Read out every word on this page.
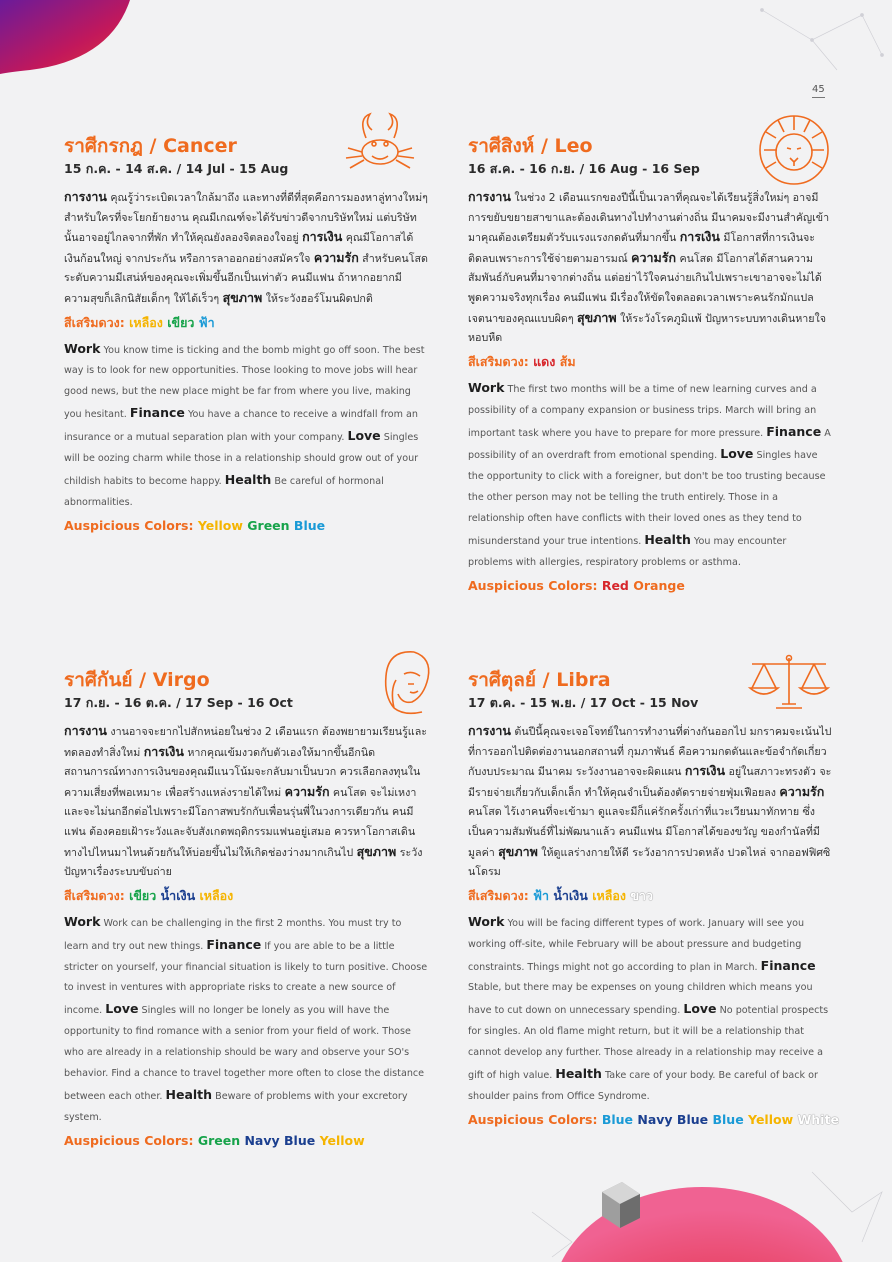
45
ราศีกรกฎ / Cancer
15 ก.ค. - 14 ส.ค. / 14 Jul - 15 Aug

การงาน คุณรู้ว่าระเบิดเวลาใกล้มาถึง และทางที่ดีที่สุดคือการมองหาลู่ทางใหม่ๆ สำหรับใครที่จะโยกย้ายงาน คุณมีเกณฑ์จะได้รับข่าวดีจากบริษัทใหม่ แต่บริษัทนั้นอาจอยู่ไกลจากที่พัก ทำให้คุณยังลองจิตลองใจอยู่ การเงิน คุณมีโอกาสได้เงินก้อนใหญ่ จากประกัน หรือการลาออกอย่างสมัครใจ ความรัก สำหรับคนโสดระดับความมีเสน่ห์ของคุณจะเพิ่มขึ้นอีกเป็นเท่าตัว คนมีแฟน ถ้าหากอยากมีความสุขก็เลิกนิสัยเด็กๆ ให้ได้เร็วๆ สุขภาพ ให้ระวังฮอร์โมนผิดปกติ

สีเสริมดวง: เหลือง เขียว ฟ้า

Work You know time is ticking and the bomb might go off soon. The best way is to look for new opportunities. Those looking to move jobs will hear good news, but the new place might be far from where you live, making you hesitant. Finance You have a chance to receive a windfall from an insurance or a mutual separation plan with your company. Love Singles will be oozing charm while those in a relationship should grow out of your childish habits to become happy. Health Be careful of hormonal abnormalities.

Auspicious Colors: Yellow Green Blue
ราศีสิงห์ / Leo
16 ส.ค. - 16 ก.ย. / 16 Aug - 16 Sep

การงาน ในช่วง 2 เดือนแรกของปีนี้เป็นเวลาที่คุณจะได้เรียนรู้สิ่งใหม่ๆ อาจมีการขยับขยายสาขาและต้องเดินทางไปทำงานต่างถิ่น มีนาคมจะมีงานสำคัญเข้ามาคุณต้องเตรียมตัวรับแรงแรงกดดันที่มากขึ้น การเงิน มีโอกาสที่การเงินจะติดลบเพราะการใช้จ่ายตามอารมณ์ ความรัก คนโสด มีโอกาสได้สานความสัมพันธ์กับคนที่มาจากต่างถิ่น แต่อย่าไว้ใจคนง่ายเกินไปเพราะเขาอาจจะไม่ได้พูดความจริงทุกเรื่อง คนมีแฟน มีเรื่องให้ขัดใจตลอดเวลาเพราะคนรักมักแปลเจตนาของคุณแบบผิดๆ สุขภาพ ให้ระวังโรคภูมิแพ้ ปัญหาระบบทางเดินหายใจ หอบหืด

สีเสริมดวง: แดง ส้ม

Work The first two months will be a time of new learning curves and a possibility of a company expansion or business trips. March will bring an important task where you have to prepare for more pressure. Finance A possibility of an overdraft from emotional spending. Love Singles have the opportunity to click with a foreigner, but don't be too trusting because the other person may not be telling the truth entirely. Those in a relationship often have conflicts with their loved ones as they tend to misunderstand your true intentions. Health You may encounter problems with allergies, respiratory problems or asthma.

Auspicious Colors: Red Orange
ราศีกันย์ / Virgo
17 ก.ย. - 16 ต.ค. / 17 Sep - 16 Oct

การงาน งานอาจจะยากไปสักหน่อยในช่วง 2 เดือนแรก ต้องพยายามเรียนรู้และทดลองทำสิ่งใหม่ การเงิน หากคุณเข้มงวดกับตัวเองให้มากขึ้นอีกนิด สถานการณ์ทางการเงินของคุณมีแนวโน้มจะกลับมาเป็นบวก ควรเลือกลงทุนในความเสี่ยงที่พอเหมาะ เพื่อสร้างแหล่งรายได้ใหม่ ความรัก คนโสด จะไม่เหงาและจะไม่นกอีกต่อไปเพราะมีโอกาสพบรักกับเพื่อนรุ่นพี่ในวงการเดียวกัน คนมีแฟน ต้องคอยเฝ้าระวังและจับสังเกตพฤติกรรมแฟนอยู่เสมอ ควรหาโอกาสเดินทางไปไหนมาไหนด้วยกันให้บ่อยขึ้นไม่ให้เกิดช่องว่างมากเกินไป สุขภาพ ระวังปัญหาเรื่องระบบขับถ่าย

สีเสริมดวง: เขียว น้ำเงิน เหลือง

Work Work can be challenging in the first 2 months. You must try to learn and try out new things. Finance If you are able to be a little stricter on yourself, your financial situation is likely to turn positive. Choose to invest in ventures with appropriate risks to create a new source of income. Love Singles will no longer be lonely as you will have the opportunity to find romance with a senior from your field of work. Those who are already in a relationship should be wary and observe your SO's behavior. Find a chance to travel together more often to close the distance between each other. Health Beware of problems with your excretory system.

Auspicious Colors: Green Navy Blue Yellow
ราศีตุลย์ / Libra
17 ต.ค. - 15 พ.ย. / 17 Oct - 15 Nov

การงาน ต้นปีนี้คุณจะเจอโจทย์ในการทำงานที่ต่างกันออกไป มกราคมจะเน้นไปที่การออกไปติดต่องานนอกสถานที่ กุมภาพันธ์ คือความกดดันและข้อจำกัดเกี่ยวกับงบประมาณ มีนาคม ระวังงานอาจจะผิดแผน การเงิน อยู่ในสภาวะทรงตัว จะมีรายจ่ายเกี่ยวกับเด็กเล็ก ทำให้คุณจำเป็นต้องตัดรายจ่ายฟุ่มเฟือยลง ความรัก คนโสด ไร้เงาคนที่จะเข้ามา ดูแลจะมีก็แค่รักครั้งเก่าที่แวะเวียนมาทักทาย ซึ่งเป็นความสัมพันธ์ที่ไม่พัฒนาแล้ว คนมีแฟน มีโอกาสได้ของขวัญ ของกำนัลที่มีมูลค่า สุขภาพ ให้ดูแลร่างกายให้ดี ระวังอาการปวดหลัง ปวดไหล่ จากออฟฟิศซินโดรม

สีเสริมดวง: ฟ้า น้ำเงิน เหลือง ขาว

Work You will be facing different types of work. January will see you working off-site, while February will be about pressure and budgeting constraints. Things might not go according to plan in March. Finance Stable, but there may be expenses on young children which means you have to cut down on unnecessary spending. Love No potential prospects for singles. An old flame might return, but it will be a relationship that cannot develop any further. Those already in a relationship may receive a gift of high value. Health Take care of your body. Be careful of back or shoulder pains from Office Syndrome.

Auspicious Colors: Blue Navy Blue Blue Yellow White
